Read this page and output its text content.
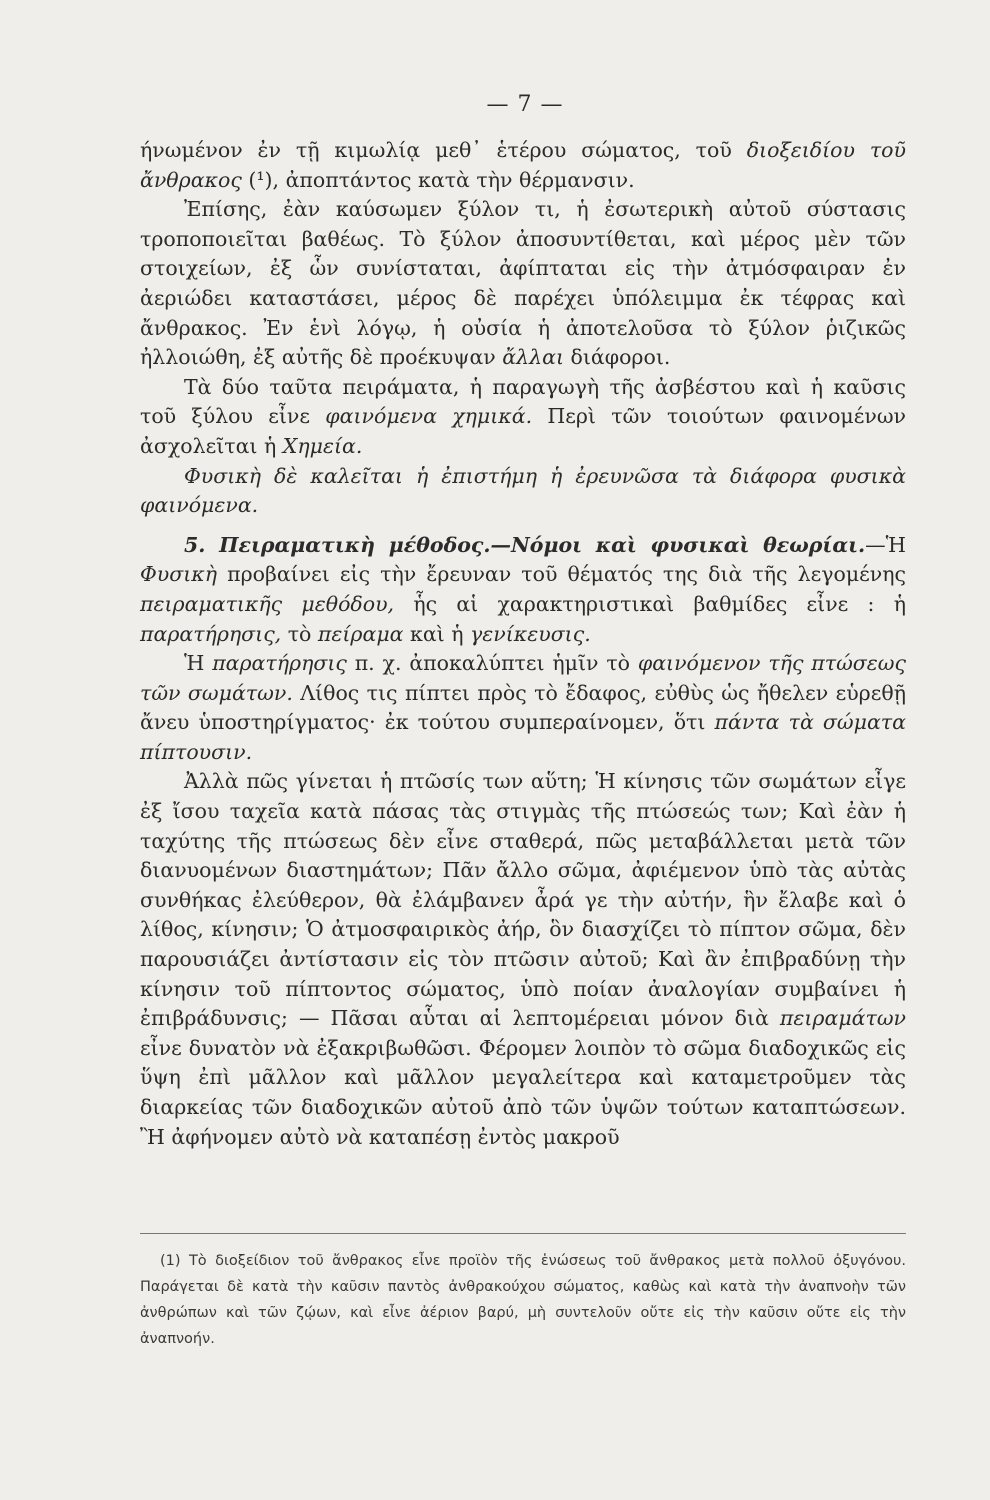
— 7 —

ήνωμένον ἐν τῇ κιμωλίᾳ μεθ᾽ ἑτέρου σώματος, τοῦ διοξειδίου τοῦ ἄνθρακος (¹), ἀποπτάντος κατὰ τὴν θέρμανσιν.

Ἐπίσης, ἐὰν καύσωμεν ξύλον τι, ἡ ἐσωτερικὴ αὐτοῦ σύστασις τροποποιεῖται βαθέως. Τὸ ξύλον ἀποσυντίθεται, καὶ μέρος μὲν τῶν στοιχείων, ἐξ ὧν συνίσταται, ἀφίπταται εἰς τὴν ἀτμόσφαιραν ἐν ἀεριώδει καταστάσει, μέρος δὲ παρέχει ὑπόλειμμα ἐκ τέφρας καὶ ἄνθρακος. Ἐν ἑνὶ λόγῳ, ἡ οὐσία ἡ ἀποτελοῦσα τὸ ξύλον ῥιζικῶς ἠλλοιώθη, ἐξ αὐτῆς δὲ προέκυψαν ἄλλαι διάφοροι.

Τὰ δύο ταῦτα πειράματα, ἡ παραγωγὴ τῆς ἀσβέστου καὶ ἡ καῦσις τοῦ ξύλου εἶνε φαινόμενα χημικά. Περὶ τῶν τοιούτων φαινομένων ἀσχολεῖται ἡ Χημεία.

Φυσικὴ δὲ καλεῖται ἡ ἐπιστήμη ἡ ἐρευνῶσα τὰ διάφορα φυσικὰ φαινόμενα.

5. Πειραματικὴ μέθοδος.—Νόμοι καὶ φυσικαὶ θεωρίαι.—Ἡ Φυσικὴ προβαίνει εἰς τὴν ἔρευναν τοῦ θέματός της διὰ τῆς λεγομένης πειραματικῆς μεθόδου, ἧς αἱ χαρακτηριστικαὶ βαθμίδες εἶνε : ἡ παρατήρησις, τὸ πείραμα καὶ ἡ γενίκευσις.

Ἡ παρατήρησις π. χ. ἀποκαλύπτει ἡμῖν τὸ φαινόμενον τῆς πτώσεως τῶν σωμάτων. Λίθος τις πίπτει πρὸς τὸ ἔδαφος, εὐθὺς ὡς ἤθελεν εὑρεθῇ ἄνευ ὑποστηρίγματος· ἐκ τούτου συμπεραίνομεν, ὅτι πάντα τὰ σώματα πίπτουσιν.

Ἀλλὰ πῶς γίνεται ἡ πτῶσίς των αὕτη; Ἡ κίνησις τῶν σωμάτων εἶγε ἐξ ἴσου ταχεῖα κατὰ πάσας τὰς στιγμὰς τῆς πτώσεώς των; Καὶ ἐὰν ἡ ταχύτης τῆς πτώσεως δὲν εἶνε σταθερά, πῶς μεταβάλλεται μετὰ τῶν διανυομένων διαστημάτων; Πᾶν ἄλλο σῶμα, ἀφιέμενον ὑπὸ τὰς αὐτὰς συνθήκας ἐλεύθερον, θὰ ἐλάμβανεν ἆρά γε τὴν αὐτήν, ἣν ἔλαβε καὶ ὁ λίθος, κίνησιν; Ὁ ἀτμοσφαιρικὸς ἀήρ, ὃν διασχίζει τὸ πίπτον σῶμα, δὲν παρουσιάζει ἀντίστασιν εἰς τὸν πτῶσιν αὐτοῦ; Καὶ ἂν ἐπιβραδύνῃ τὴν κίνησιν τοῦ πίπτοντος σώματος, ὑπὸ ποίαν ἀναλογίαν συμβαίνει ἡ ἐπιβράδυνσις; — Πᾶσαι αὗται αἱ λεπτομέρειαι μόνον διὰ πειραμάτων εἶνε δυνατὸν νὰ ἐξακριβωθῶσι. Φέρομεν λοιπὸν τὸ σῶμα διαδοχικῶς εἰς ὕψη ἐπὶ μᾶλλον καὶ μᾶλλον μεγαλείτερα καὶ καταμετροῦμεν τὰς διαρκείας τῶν διαδοχικῶν αὐτοῦ ἀπὸ τῶν ὑψῶν τούτων καταπτώσεων. Ἢ ἀφήνομεν αὐτὸ νὰ καταπέσῃ ἐντὸς μακροῦ

(1) Τὸ διοξείδιον τοῦ ἄνθρακος εἶνε προϊὸν τῆς ἑνώσεως τοῦ ἄνθρακος μετὰ πολλοῦ ὀξυγόνου. Παράγεται δὲ κατὰ τὴν καῦσιν παντὸς ἀνθρακούχου σώματος, καθὼς καὶ κατὰ τὴν ἀναπνοὴν τῶν ἀνθρώπων καὶ τῶν ζῴων, καὶ εἶνε ἀέριον βαρύ, μὴ συντελοῦν οὔτε εἰς τὴν καῦσιν οὔτε εἰς τὴν ἀναπνοήν.
